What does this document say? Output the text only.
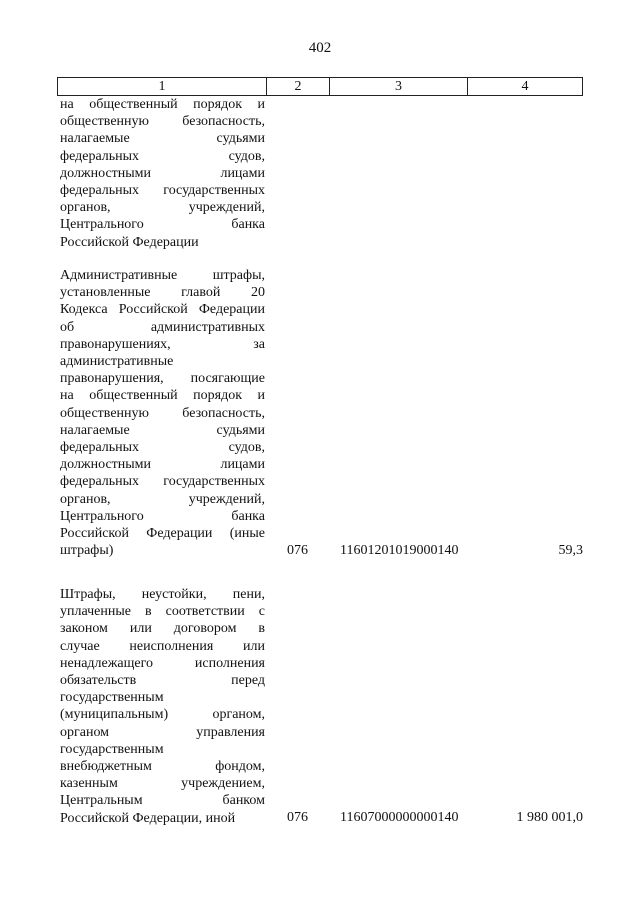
402
1	2	3	4
на общественный порядок и
общественную безопасность,
налагаемые судьями
федеральных судов,
должностными лицами
федеральных государственных
органов, учреждений,
Центрального банка
Российской Федерации
Административные штрафы,
установленные главой 20
Кодекса Российской Федерации
об административных
правонарушениях, за
административные
правонарушения, посягающие
на общественный порядок и
общественную безопасность,
налагаемые судьями
федеральных судов,
должностными лицами
федеральных государственных
органов, учреждений,
Центрального банка
Российской Федерации (иные
штрафы)	076	11601201019000140	59,3
Штрафы, неустойки, пени,
уплаченные в соответствии с
законом или договором в
случае неисполнения или
ненадлежащего исполнения
обязательств перед
государственным
(муниципальным) органом,
органом управления
государственным
внебюджетным фондом,
казенным учреждением,
Центральным банком
Российской Федерации, иной	076	11607000000000140	1 980 001,0
